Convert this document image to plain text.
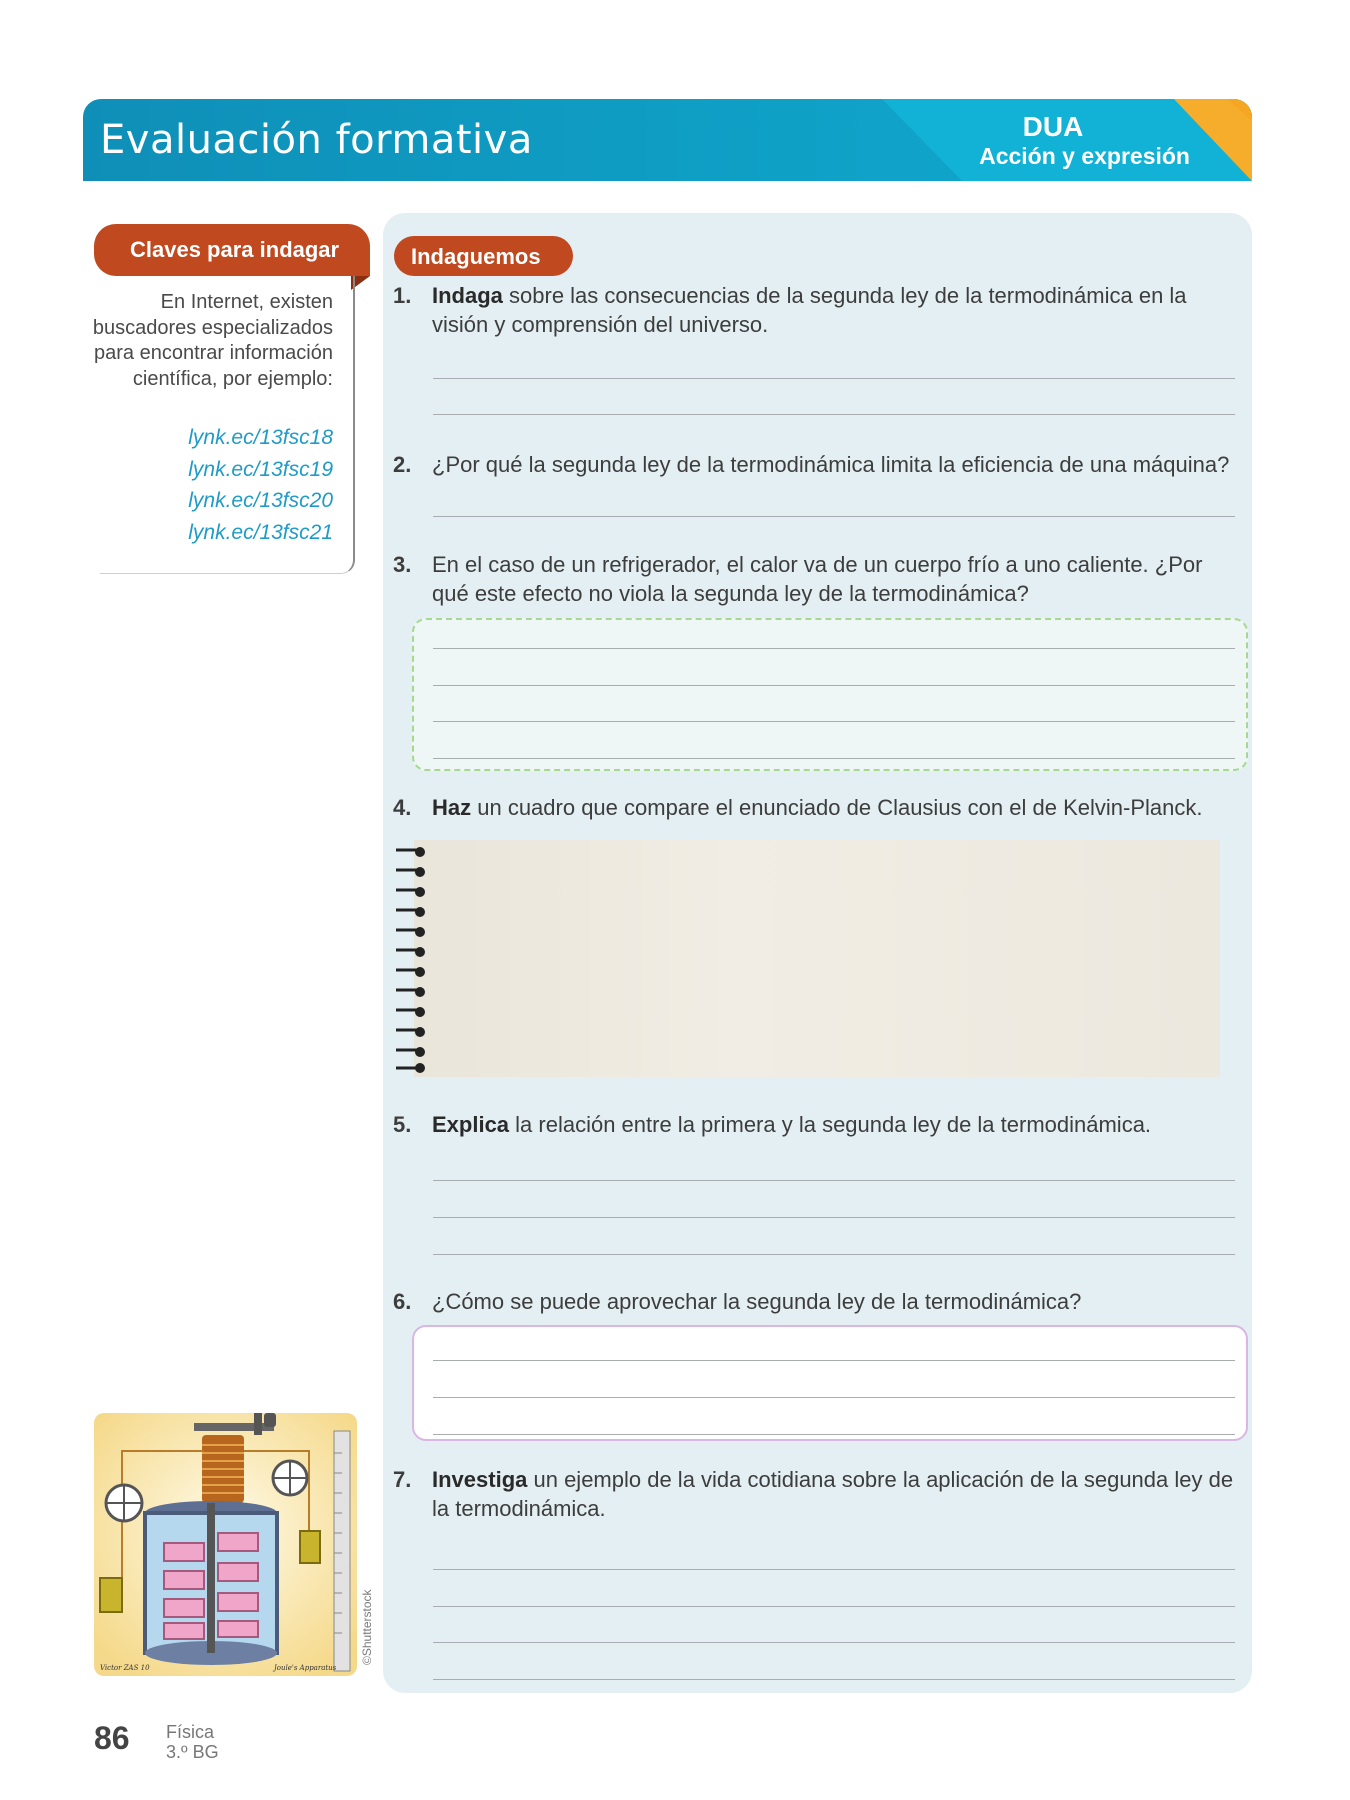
Evaluación formativa	DUA
Acción y expresión
Claves para indagar
En Internet, existen buscadores especializados para encontrar información científica, por ejemplo:
lynk.ec/13fsc18
lynk.ec/13fsc19
lynk.ec/13fsc20
lynk.ec/13fsc21
Indaguemos
1. Indaga sobre las consecuencias de la segunda ley de la termodinámica en la visión y comprensión del universo.
2. ¿Por qué la segunda ley de la termodinámica limita la eficiencia de una máquina?
3. En el caso de un refrigerador, el calor va de un cuerpo frío a uno caliente. ¿Por qué este efecto no viola la segunda ley de la termodinámica?
4. Haz un cuadro que compare el enunciado de Clausius con el de Kelvin-Planck.
5. Explica la relación entre la primera y la segunda ley de la termodinámica.
6. ¿Cómo se puede aprovechar la segunda ley de la termodinámica?
7. Investiga un ejemplo de la vida cotidiana sobre la aplicación de la segunda ley de la termodinámica.
Victor ZAS 10	Joule's Apparatus
©Shutterstock
86 Física
3.º BG
